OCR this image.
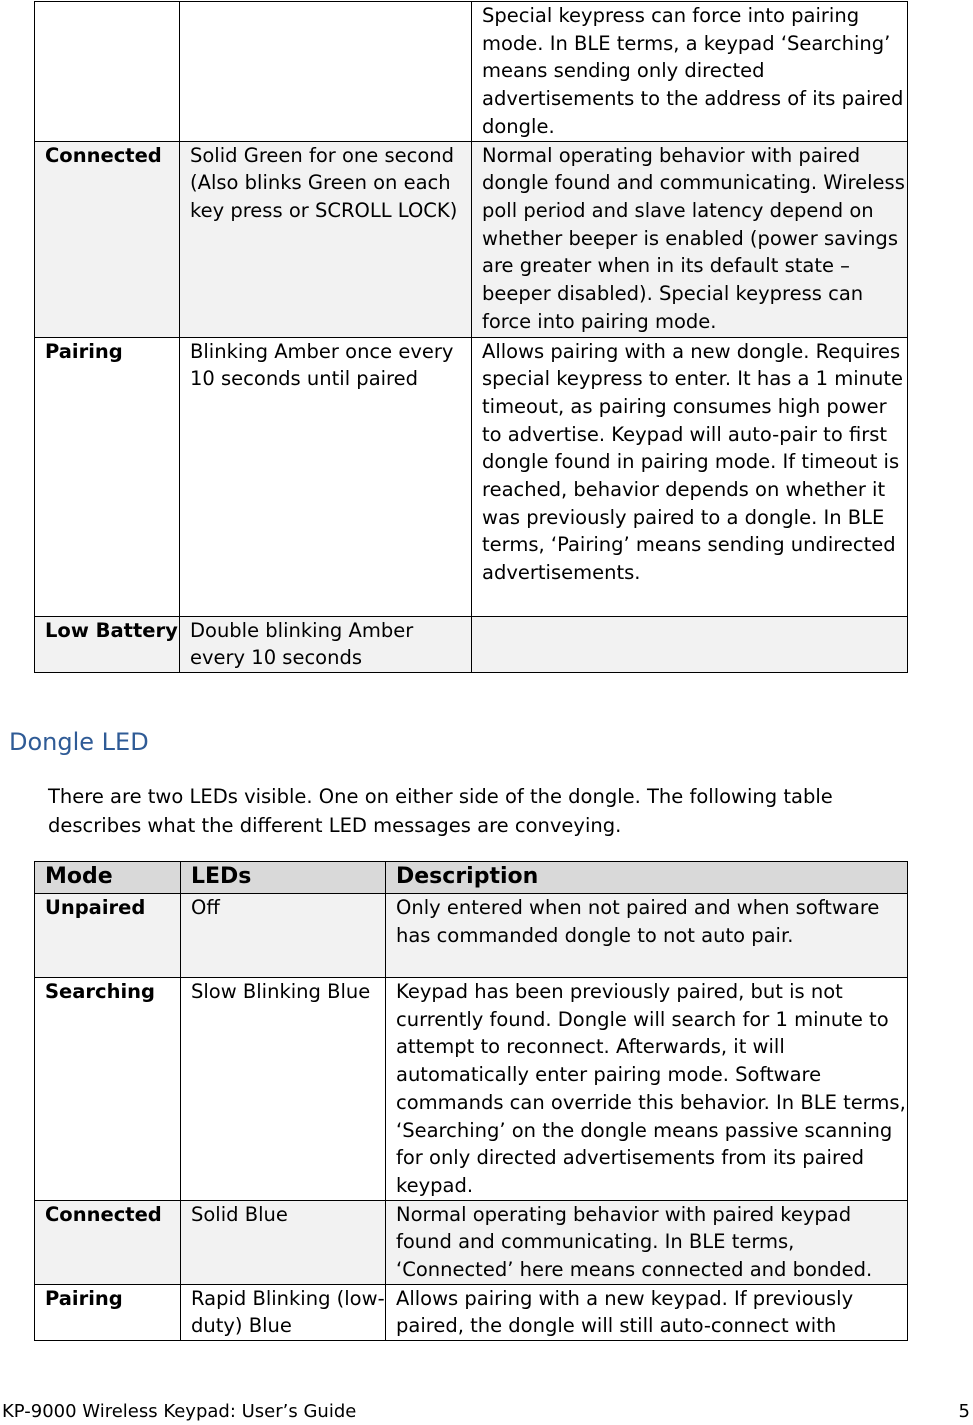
		Special keypress can force into pairing mode. In BLE terms, a keypad ‘Searching’ means sending only directed advertisements to the address of its paired dongle.
Connected	Solid Green for one second (Also blinks Green on each key press or SCROLL LOCK)	Normal operating behavior with paired dongle found and communicating. Wireless poll period and slave latency depend on whether beeper is enabled (power savings are greater when in its default state – beeper disabled). Special keypress can force into pairing mode.
Pairing	Blinking Amber once every 10 seconds until paired	Allows pairing with a new dongle. Requires special keypress to enter. It has a 1 minute timeout, as pairing consumes high power to advertise. Keypad will auto-pair to first dongle found in pairing mode. If timeout is reached, behavior depends on whether it was previously paired to a dongle. In BLE terms, ‘Pairing’ means sending undirected advertisements.
Low Battery	Double blinking Amber every 10 seconds	
Dongle LED

There are two LEDs visible. One on either side of the dongle. The following table describes what the different LED messages are conveying.

Mode	LEDs	Description
Unpaired	Off	Only entered when not paired and when software has commanded dongle to not auto pair.
Searching	Slow Blinking Blue	Keypad has been previously paired, but is not currently found. Dongle will search for 1 minute to attempt to reconnect. Afterwards, it will automatically enter pairing mode. Software commands can override this behavior. In BLE terms, ‘Searching’ on the dongle means passive scanning for only directed advertisements from its paired keypad.
Connected	Solid Blue	Normal operating behavior with paired keypad found and communicating. In BLE terms, ‘Connected’ here means connected and bonded.
Pairing	Rapid Blinking (low-duty) Blue	Allows pairing with a new keypad. If previously paired, the dongle will still auto-connect with
KP-9000 Wireless Keypad: User’s Guide	5
